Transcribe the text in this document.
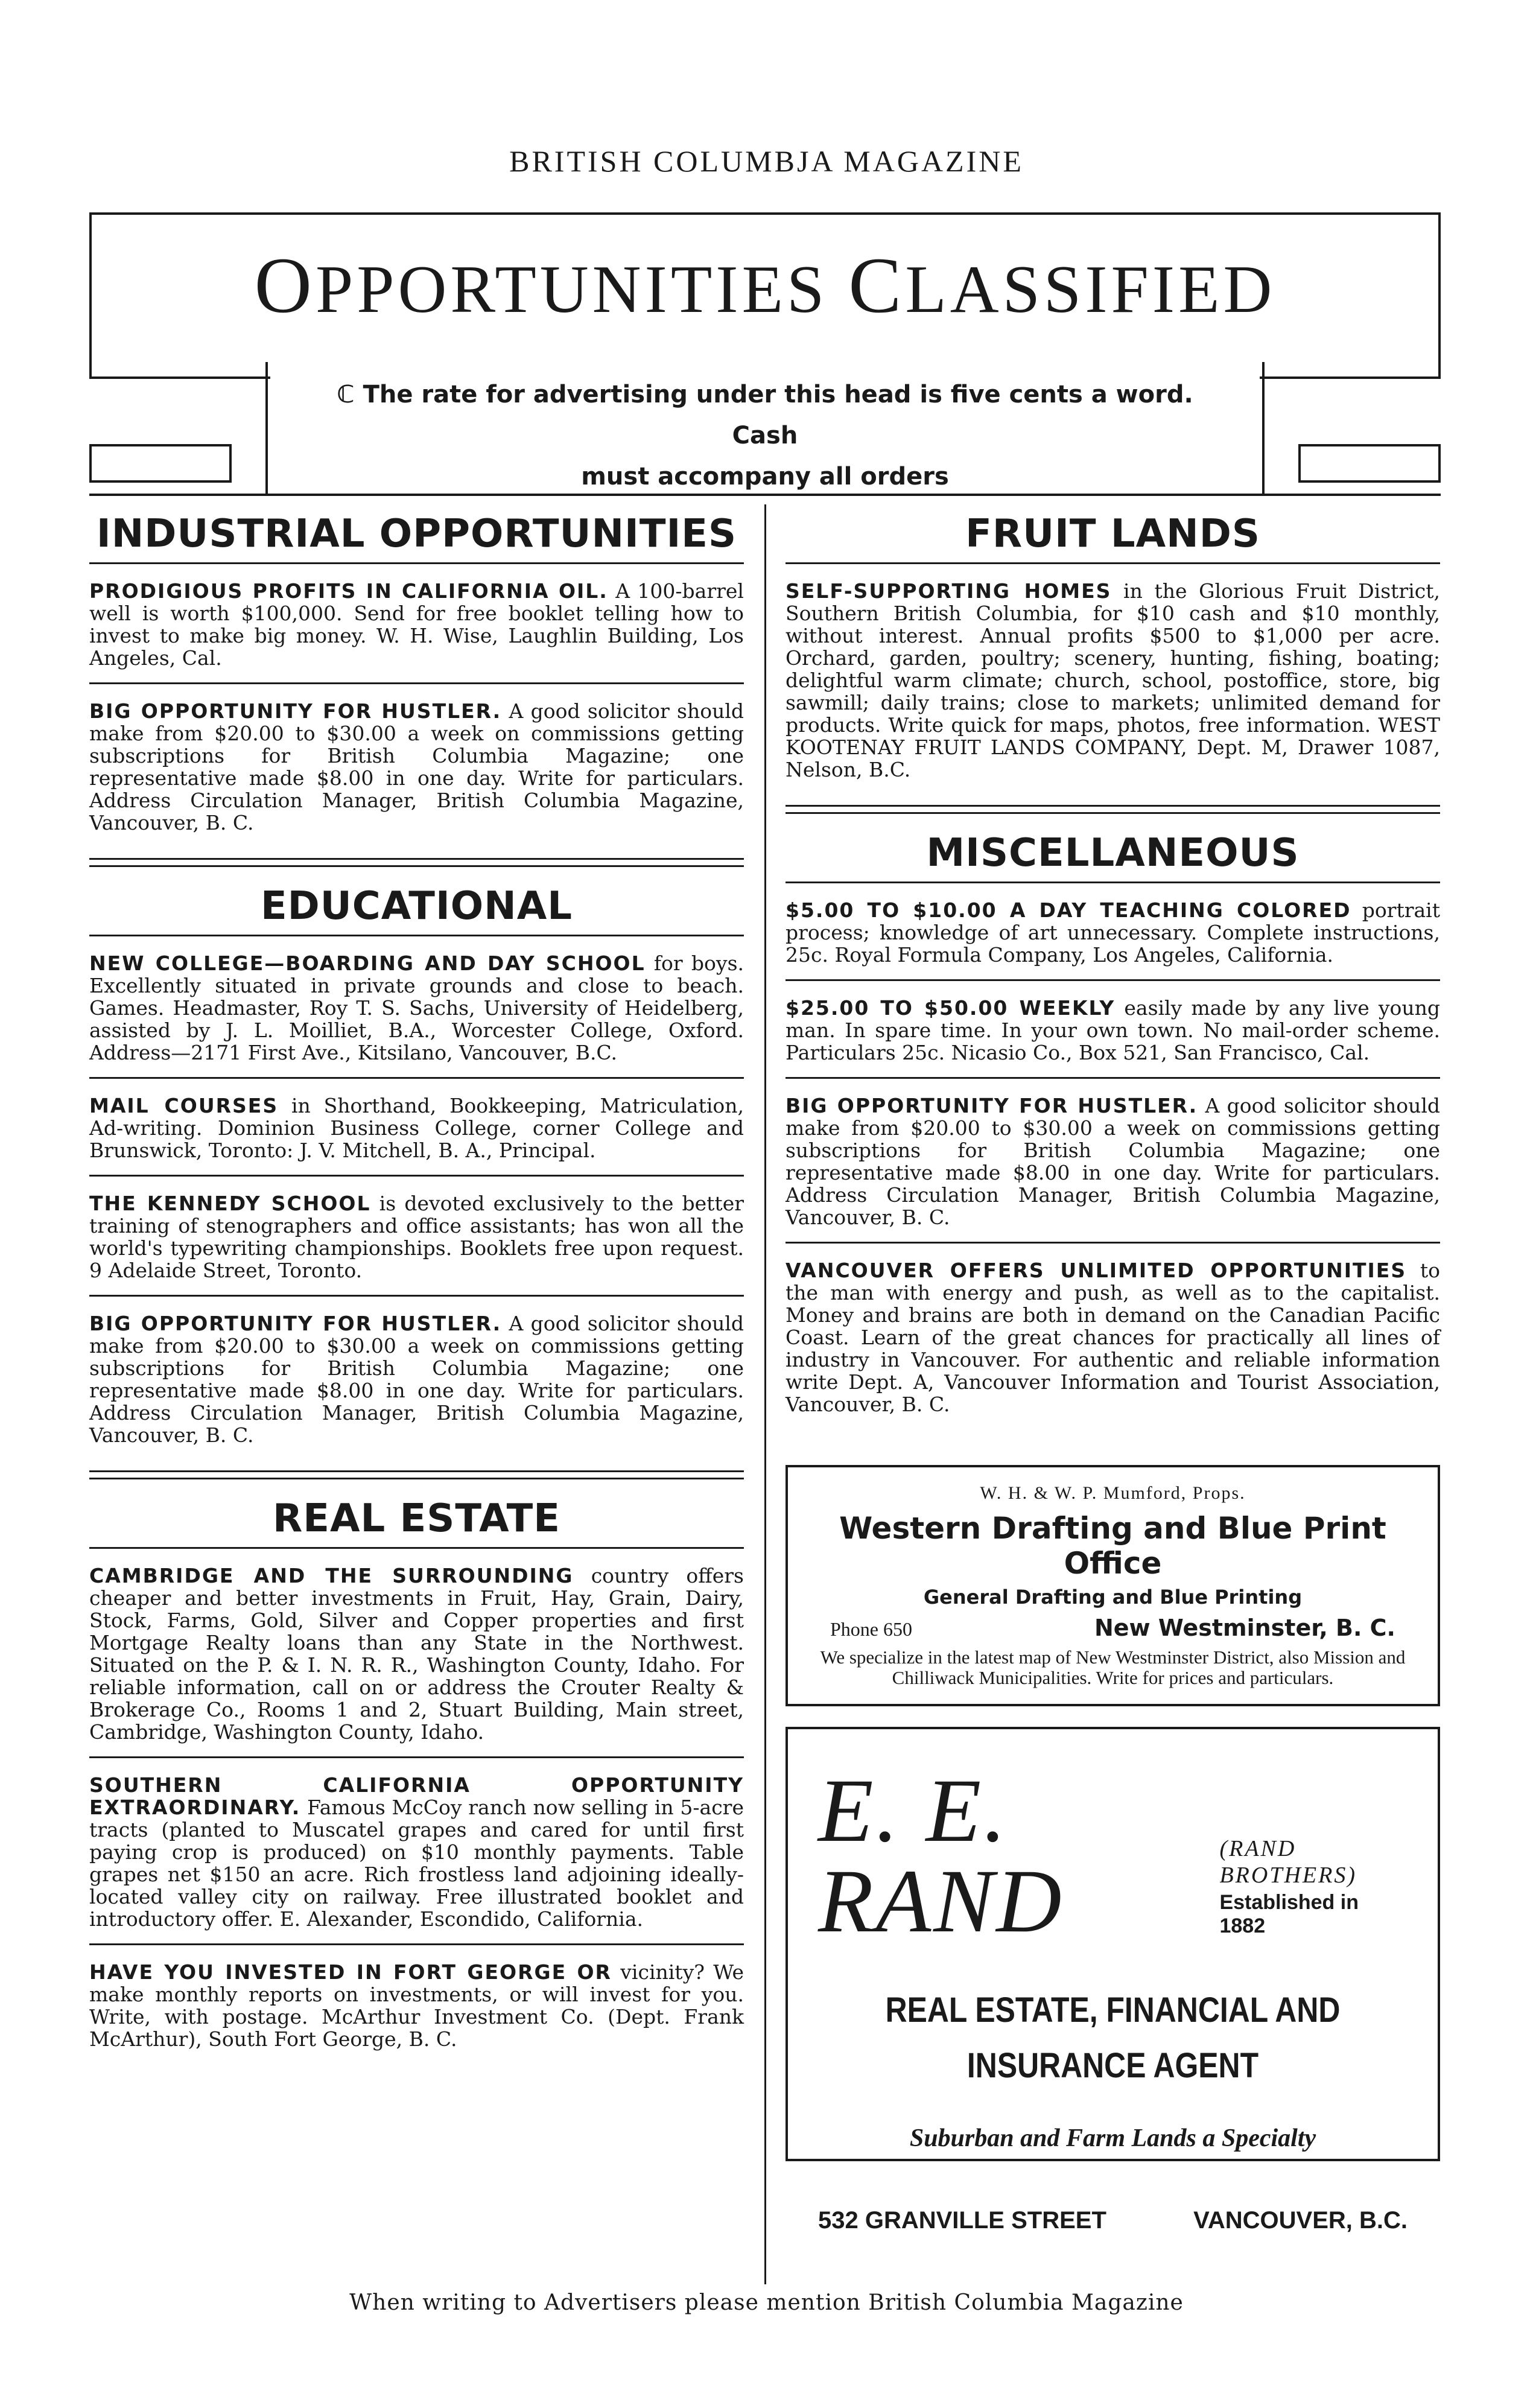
BRITISH COLUMBJA MAGAZINE
OPPORTUNITIES CLASSIFIED
ℂ The rate for advertising under this head is five cents a word. Cash
must accompany all orders
INDUSTRIAL OPPORTUNITIES
PRODIGIOUS PROFITS IN CALIFORNIA OIL. A 100-barrel well is worth $100,000. Send for free booklet telling how to invest to make big money. W. H. Wise, Laughlin Building, Los Angeles, Cal.
BIG OPPORTUNITY FOR HUSTLER. A good solicitor should make from $20.00 to $30.00 a week on commissions getting subscriptions for British Columbia Magazine; one representative made $8.00 in one day. Write for particulars. Address Circulation Manager, British Columbia Magazine, Vancouver, B. C.
EDUCATIONAL
NEW COLLEGE—BOARDING AND DAY SCHOOL for boys. Excellently situated in private grounds and close to beach. Games. Headmaster, Roy T. S. Sachs, University of Heidelberg, assisted by J. L. Moilliet, B.A., Worcester College, Oxford. Address—2171 First Ave., Kitsilano, Vancouver, B.C.
MAIL COURSES in Shorthand, Bookkeeping, Matriculation, Ad-writing. Dominion Business College, corner College and Brunswick, Toronto: J. V. Mitchell, B. A., Principal.
THE KENNEDY SCHOOL is devoted exclusively to the better training of stenographers and office assistants; has won all the world's typewriting championships. Booklets free upon request. 9 Adelaide Street, Toronto.
BIG OPPORTUNITY FOR HUSTLER. A good solicitor should make from $20.00 to $30.00 a week on commissions getting subscriptions for British Columbia Magazine; one representative made $8.00 in one day. Write for particulars. Address Circulation Manager, British Columbia Magazine, Vancouver, B. C.
REAL ESTATE
CAMBRIDGE AND THE SURROUNDING country offers cheaper and better investments in Fruit, Hay, Grain, Dairy, Stock, Farms, Gold, Silver and Copper properties and first Mortgage Realty loans than any State in the Northwest. Situated on the P. & I. N. R. R., Washington County, Idaho. For reliable information, call on or address the Crouter Realty & Brokerage Co., Rooms 1 and 2, Stuart Building, Main street, Cambridge, Washington County, Idaho.
SOUTHERN CALIFORNIA OPPORTUNITY EXTRAORDINARY. Famous McCoy ranch now selling in 5-acre tracts (planted to Muscatel grapes and cared for until first paying crop is produced) on $10 monthly payments. Table grapes net $150 an acre. Rich frostless land adjoining ideally-located valley city on railway. Free illustrated booklet and introductory offer. E. Alexander, Escondido, California.
HAVE YOU INVESTED IN FORT GEORGE OR vicinity? We make monthly reports on investments, or will invest for you. Write, with postage. McArthur Investment Co. (Dept. Frank McArthur), South Fort George, B. C.
FRUIT LANDS
SELF-SUPPORTING HOMES in the Glorious Fruit District, Southern British Columbia, for $10 cash and $10 monthly, without interest. Annual profits $500 to $1,000 per acre. Orchard, garden, poultry; scenery, hunting, fishing, boating; delightful warm climate; church, school, postoffice, store, big sawmill; daily trains; close to markets; unlimited demand for products. Write quick for maps, photos, free information. WEST KOOTENAY FRUIT LANDS COMPANY, Dept. M, Drawer 1087, Nelson, B.C.
MISCELLANEOUS
$5.00 TO $10.00 A DAY TEACHING COLORED portrait process; knowledge of art unnecessary. Complete instructions, 25c. Royal Formula Company, Los Angeles, California.
$25.00 TO $50.00 WEEKLY easily made by any live young man. In spare time. In your own town. No mail-order scheme. Particulars 25c. Nicasio Co., Box 521, San Francisco, Cal.
BIG OPPORTUNITY FOR HUSTLER. A good solicitor should make from $20.00 to $30.00 a week on commissions getting subscriptions for British Columbia Magazine; one representative made $8.00 in one day. Write for particulars. Address Circulation Manager, British Columbia Magazine, Vancouver, B. C.
VANCOUVER OFFERS UNLIMITED OPPORTUNITIES to the man with energy and push, as well as to the capitalist. Money and brains are both in demand on the Canadian Pacific Coast. Learn of the great chances for practically all lines of industry in Vancouver. For authentic and reliable information write Dept. A, Vancouver Information and Tourist Association, Vancouver, B. C.
W. H. & W. P. Mumford, Props.
Western Drafting and Blue Print Office
General Drafting and Blue Printing
Phone 650	New Westminster, B. C.
We specialize in the latest map of New Westminster District, also Mission and Chilliwack Municipalities. Write for prices and particulars.
E. E. RAND
(RAND BROTHERS)
Established in 1882
REAL ESTATE, FINANCIAL AND
INSURANCE AGENT
Suburban and Farm Lands a Specialty
532 GRANVILLE STREET	VANCOUVER, B.C.
When writing to Advertisers please mention British Columbia Magazine
